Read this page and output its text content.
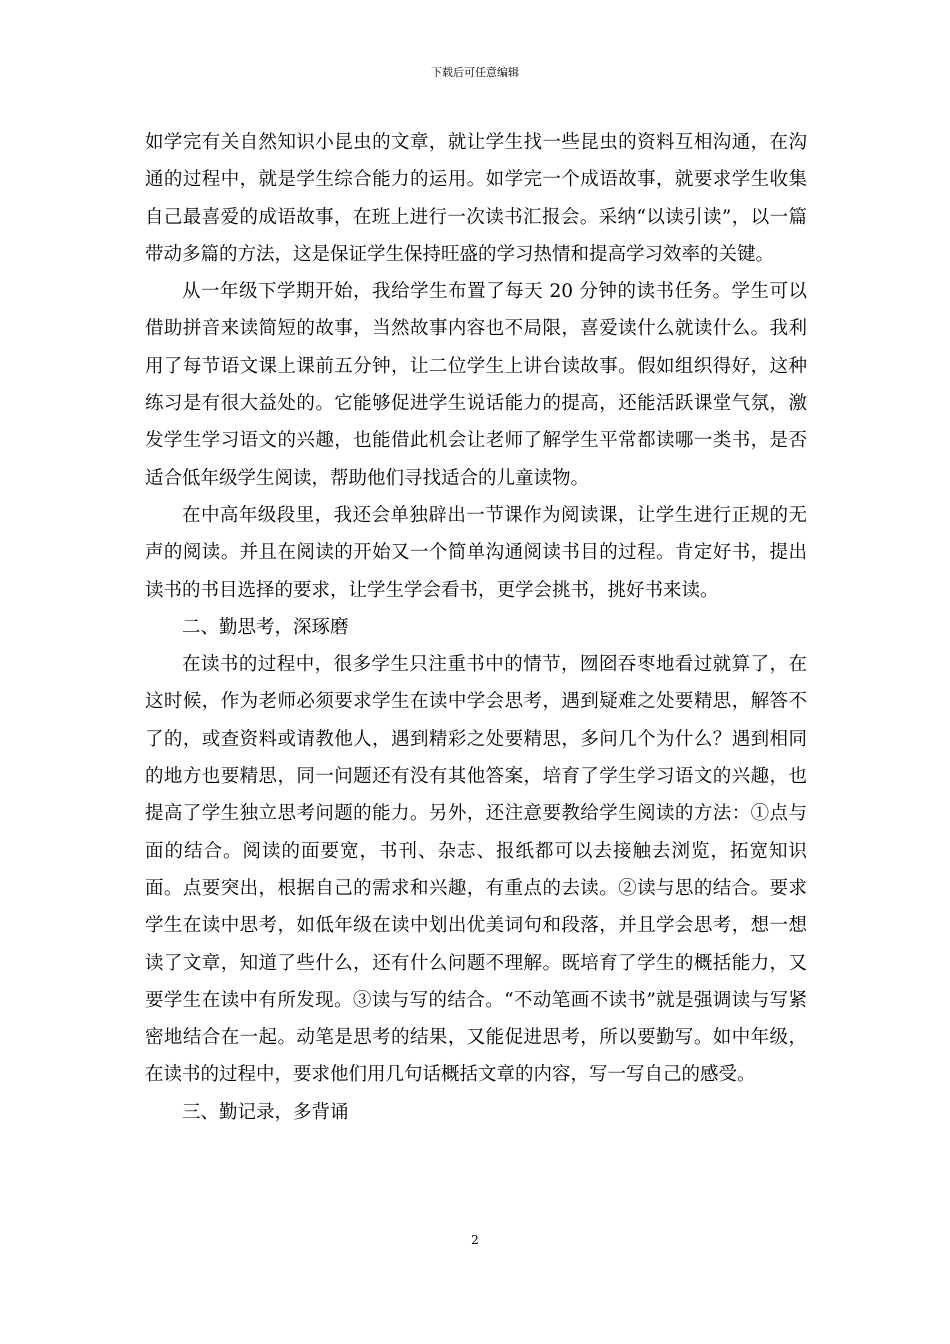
下载后可任意编辑

如学完有关自然知识小昆虫的文章，就让学生找一些昆虫的资料互相沟通，在沟通的过程中，就是学生综合能力的运用。如学完一个成语故事，就要求学生收集自己最喜爱的成语故事，在班上进行一次读书汇报会。采纳“以读引读”，以一篇带动多篇的方法，这是保证学生保持旺盛的学习热情和提高学习效率的关键。

从一年级下学期开始，我给学生布置了每天 20 分钟的读书任务。学生可以借助拼音来读简短的故事，当然故事内容也不局限，喜爱读什么就读什么。我利用了每节语文课上课前五分钟，让二位学生上讲台读故事。假如组织得好，这种练习是有很大益处的。它能够促进学生说话能力的提高，还能活跃课堂气氛，激发学生学习语文的兴趣，也能借此机会让老师了解学生平常都读哪一类书，是否适合低年级学生阅读，帮助他们寻找适合的儿童读物。

在中高年级段里，我还会单独辟出一节课作为阅读课，让学生进行正规的无声的阅读。并且在阅读的开始又一个简单沟通阅读书目的过程。肯定好书，提出读书的书目选择的要求，让学生学会看书，更学会挑书，挑好书来读。

二、勤思考，深琢磨

在读书的过程中，很多学生只注重书中的情节，囫囵吞枣地看过就算了，在这时候，作为老师必须要求学生在读中学会思考，遇到疑难之处要精思，解答不了的，或查资料或请教他人，遇到精彩之处要精思，多问几个为什么？遇到相同的地方也要精思，同一问题还有没有其他答案，培育了学生学习语文的兴趣，也提高了学生独立思考问题的能力。另外，还注意要教给学生阅读的方法：①点与面的结合。阅读的面要宽，书刊、杂志、报纸都可以去接触去浏览，拓宽知识面。点要突出，根据自己的需求和兴趣，有重点的去读。②读与思的结合。要求学生在读中思考，如低年级在读中划出优美词句和段落，并且学会思考，想一想读了文章，知道了些什么，还有什么问题不理解。既培育了学生的概括能力，又要学生在读中有所发现。③读与写的结合。“不动笔画不读书”就是强调读与写紧密地结合在一起。动笔是思考的结果，又能促进思考，所以要勤写。如中年级，在读书的过程中，要求他们用几句话概括文章的内容，写一写自己的感受。

三、勤记录，多背诵

2
